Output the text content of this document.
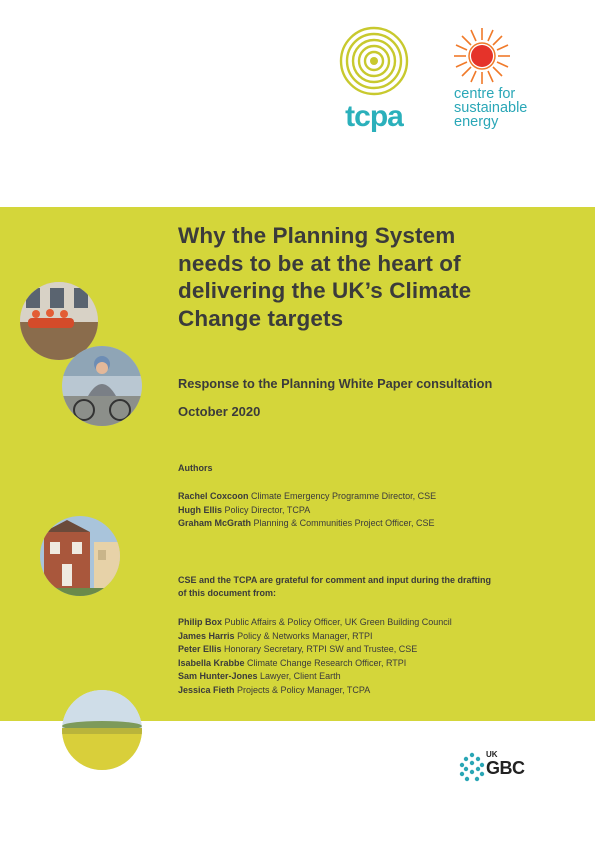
tcpa
centre for
sustainable
energy
Why the Planning System
needs to be at the heart of
delivering the UK’s Climate
Change targets
Response to the Planning White Paper consultation
October 2020
Authors
Rachel Coxcoon Climate Emergency Programme Director, CSE
Hugh Ellis Policy Director, TCPA
Graham McGrath Planning & Communities Project Officer, CSE
CSE and the TCPA are grateful for comment and input during the drafting
of this document from:
Philip Box Public Affairs & Policy Officer, UK Green Building Council
James Harris Policy & Networks Manager, RTPI
Peter Ellis Honorary Secretary, RTPI SW and Trustee, CSE
Isabella Krabbe Climate Change Research Officer, RTPI
Sam Hunter-Jones Lawyer, Client Earth
Jessica Fieth Projects & Policy Manager, TCPA
UK
GBC
